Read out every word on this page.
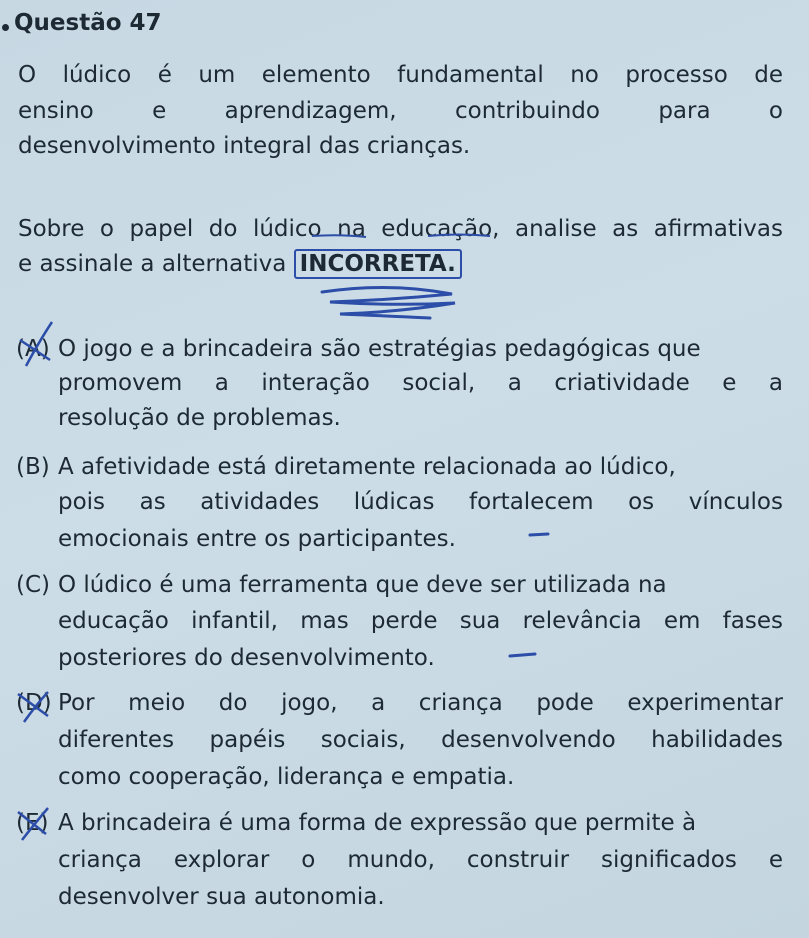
Questão 47
O lúdico é um elemento fundamental no processo de
ensino e aprendizagem, contribuindo para o
desenvolvimento integral das crianças.
Sobre o papel do lúdico na educação, analise as afirmativas
e assinale a alternativa INCORRETA.
(A) O jogo e a brincadeira são estratégias pedagógicas que
promovem a interação social, a criatividade e a
resolução de problemas.
(B) A afetividade está diretamente relacionada ao lúdico,
pois as atividades lúdicas fortalecem os vínculos
emocionais entre os participantes.
(C) O lúdico é uma ferramenta que deve ser utilizada na
educação infantil, mas perde sua relevância em fases
posteriores do desenvolvimento.
(D) Por meio do jogo, a criança pode experimentar
diferentes papéis sociais, desenvolvendo habilidades
como cooperação, liderança e empatia.
(E) A brincadeira é uma forma de expressão que permite à
criança explorar o mundo, construir significados e
desenvolver sua autonomia.
